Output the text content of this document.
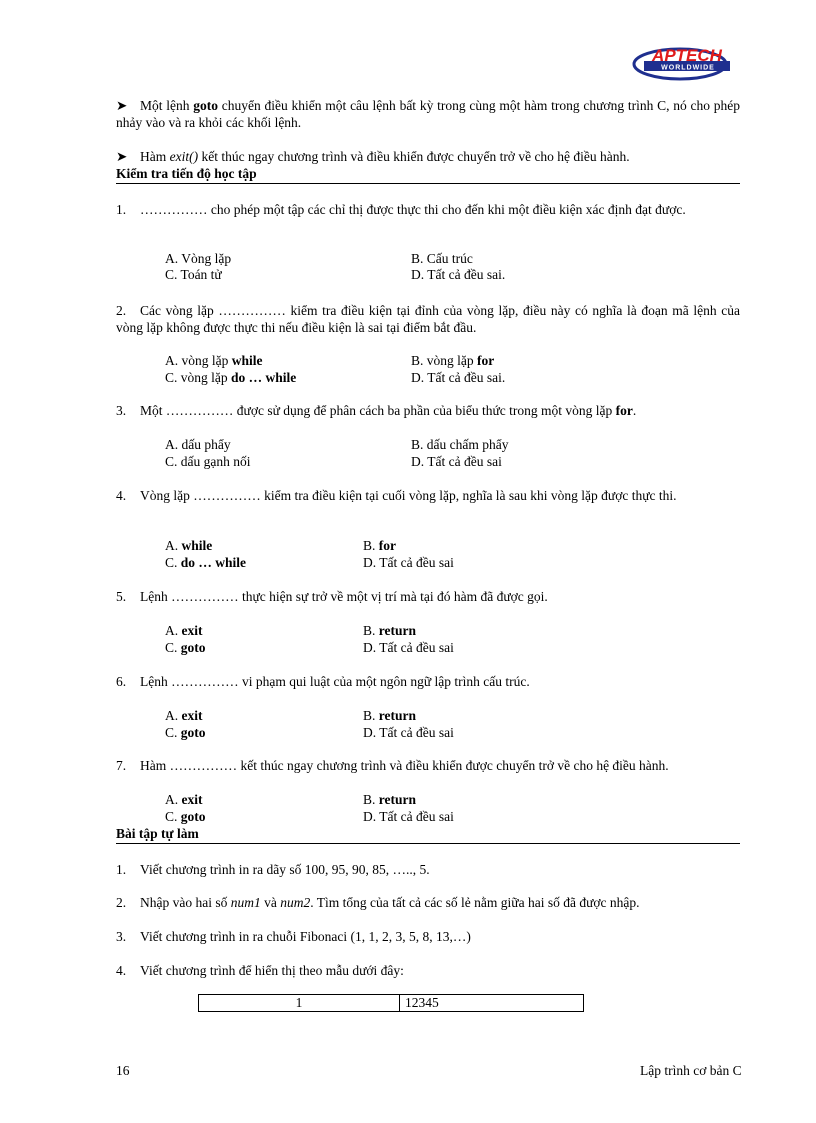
APTECH
WORLDWIDE
➤ Một lệnh goto chuyển điều khiển một câu lệnh bất kỳ trong cùng một hàm trong chương trình C, nó cho phép nhảy vào và ra khỏi các khối lệnh.
➤ Hàm exit() kết thúc ngay chương trình và điều khiển được chuyển trở về cho hệ điều hành.
Kiểm tra tiến độ học tập
1. …………… cho phép một tập các chỉ thị được thực thi cho đến khi một điều kiện xác định đạt được.
A. Vòng lặp	B. Cấu trúc
C. Toán tử	D. Tất cả đều sai.
2. Các vòng lặp …………… kiểm tra điều kiện tại đỉnh của vòng lặp, điều này có nghĩa là đoạn mã lệnh của vòng lặp không được thực thi nếu điều kiện là sai tại điểm bắt đầu.
A. vòng lặp while	B. vòng lặp for
C. vòng lặp do … while	D. Tất cả đều sai.
3. Một …………… được sử dụng để phân cách ba phần của biểu thức trong một vòng lặp for.
A. dấu phẩy	B. dấu chấm phẩy
C. dấu gạnh nối	D. Tất cả đều sai
4. Vòng lặp …………… kiểm tra điều kiện tại cuối vòng lặp, nghĩa là sau khi vòng lặp được thực thi.
A. while	B. for
C. do … while	D. Tất cả đều sai
5. Lệnh …………… thực hiện sự trở về một vị trí mà tại đó hàm đã được gọi.
A. exit	B. return
C. goto	D. Tất cả đều sai
6. Lệnh …………… vi phạm qui luật của một ngôn ngữ lập trình cấu trúc.
A. exit	B. return
C. goto	D. Tất cả đều sai
7. Hàm …………… kết thúc ngay chương trình và điều khiển được chuyển trở về cho hệ điều hành.
A. exit	B. return
C. goto	D. Tất cả đều sai
Bài tập tự làm
1. Viết chương trình in ra dãy số 100, 95, 90, 85, ….., 5.
2. Nhập vào hai số num1 và num2. Tìm tổng của tất cả các số lẻ nằm giữa hai số đã được nhập.
3. Viết chương trình in ra chuỗi Fibonaci (1, 1, 2, 3, 5, 8, 13,…)
4. Viết chương trình để hiển thị theo mẫu dưới đây:
1	12345
16	Lập trình cơ bản C
